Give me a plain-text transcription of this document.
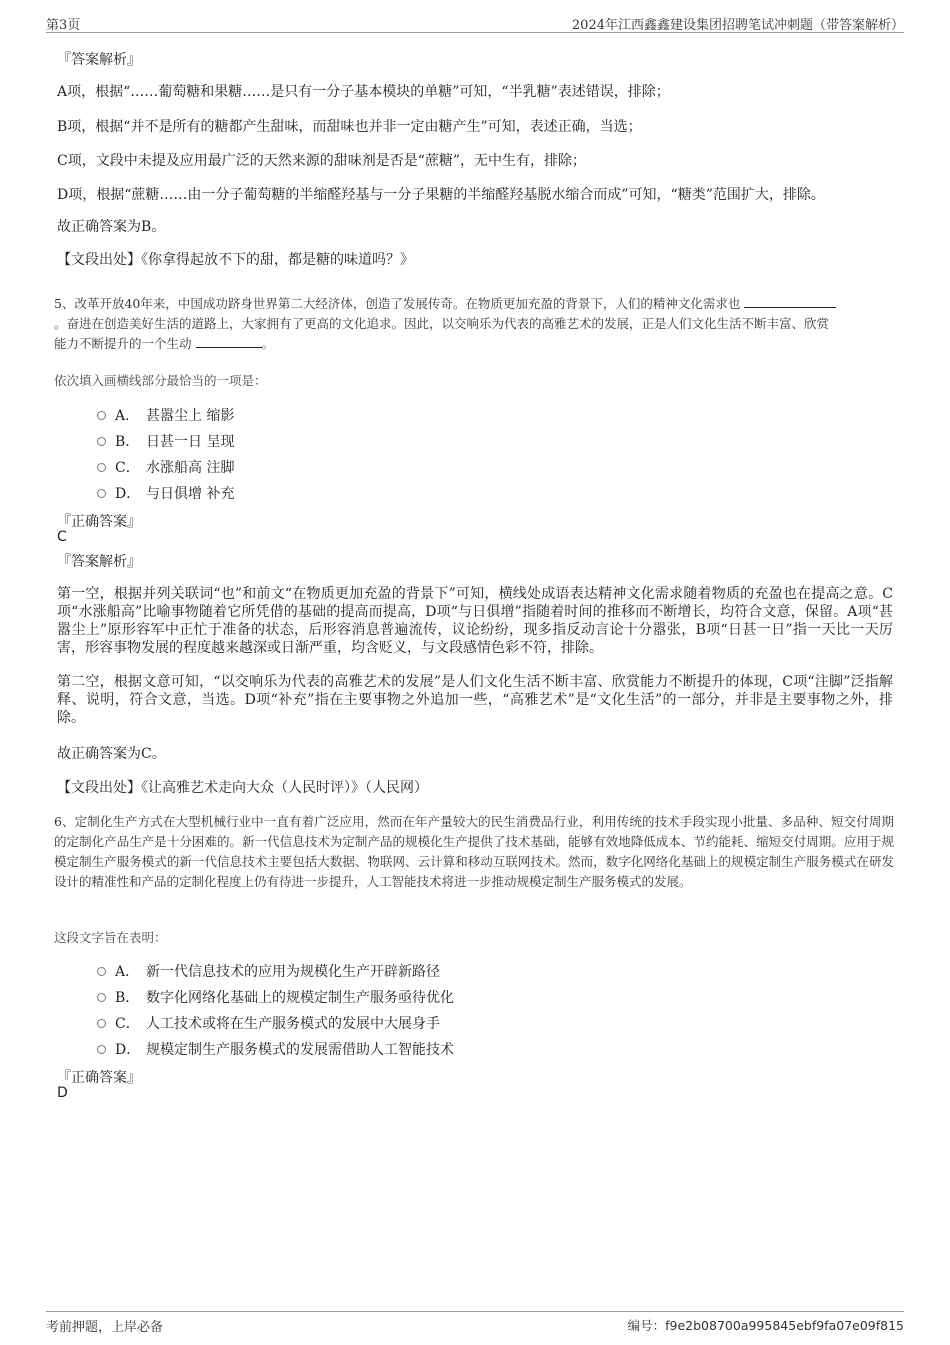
第3页	2024年江西鑫鑫建设集团招聘笔试冲刺题（带答案解析）
『答案解析』
A项，根据“……葡萄糖和果糖……是只有一分子基本模块的单糖”可知，“半乳糖”表述错误，排除；
B项，根据“并不是所有的糖都产生甜味，而甜味也并非一定由糖产生”可知，表述正确，当选；
C项，文段中未提及应用最广泛的天然来源的甜味剂是否是“蔗糖”，无中生有，排除；
D项，根据“蔗糖……由一分子葡萄糖的半缩醛羟基与一分子果糖的半缩醛羟基脱水缩合而成”可知，“糖类”范围扩大，排除。
故正确答案为B。
【文段出处】《你拿得起放不下的甜，都是糖的味道吗？》
5、改革开放40年来，中国成功跻身世界第二大经济体，创造了发展传奇。在物质更加充盈的背景下，人们的精神文化需求也
。奋进在创造美好生活的道路上，大家拥有了更高的文化追求。因此，以交响乐为代表的高雅艺术的发展，正是人们文化生活不断丰富、欣赏
能力不断提升的一个生动	。
依次填入画横线部分最恰当的一项是：
A． 甚嚣尘上 缩影
B． 日甚一日 呈现
C． 水涨船高 注脚
D． 与日俱增 补充
『正确答案』
C
『答案解析』
第一空，根据并列关联词“也”和前文“在物质更加充盈的背景下”可知，横线处成语表达精神文化需求随着物质的充盈也在提高之意。C项“水涨船高”比喻事物随着它所凭借的基础的提高而提高，D项“与日俱增”指随着时间的推移而不断增长，均符合文意，保留。A项“甚嚣尘上”原形容军中正忙于准备的状态，后形容消息普遍流传，议论纷纷，现多指反动言论十分嚣张，B项“日甚一日”指一天比一天厉害，形容事物发展的程度越来越深或日渐严重，均含贬义，与文段感情色彩不符，排除。
第二空，根据文意可知，“以交响乐为代表的高雅艺术的发展”是人们文化生活不断丰富、欣赏能力不断提升的体现，C项“注脚”泛指解释、说明，符合文意，当选。D项“补充”指在主要事物之外追加一些，“高雅艺术”是“文化生活”的一部分，并非是主要事物之外，排除。
故正确答案为C。
【文段出处】《让高雅艺术走向大众（人民时评）》（人民网）
6、定制化生产方式在大型机械行业中一直有着广泛应用，然而在年产量较大的民生消费品行业，利用传统的技术手段实现小批量、多品种、短交付周期的定制化产品生产是十分困难的。新一代信息技术为定制产品的规模化生产提供了技术基础，能够有效地降低成本、节约能耗、缩短交付周期。应用于规模定制生产服务模式的新一代信息技术主要包括大数据、物联网、云计算和移动互联网技术。然而，数字化网络化基础上的规模定制生产服务模式在研发设计的精准性和产品的定制化程度上仍有待进一步提升，人工智能技术将进一步推动规模定制生产服务模式的发展。
这段文字旨在表明：
A． 新一代信息技术的应用为规模化生产开辟新路径
B． 数字化网络化基础上的规模定制生产服务亟待优化
C． 人工技术或将在生产服务模式的发展中大展身手
D． 规模定制生产服务模式的发展需借助人工智能技术
『正确答案』
D
考前押题，上岸必备	编号：f9e2b08700a995845ebf9fa07e09f815
